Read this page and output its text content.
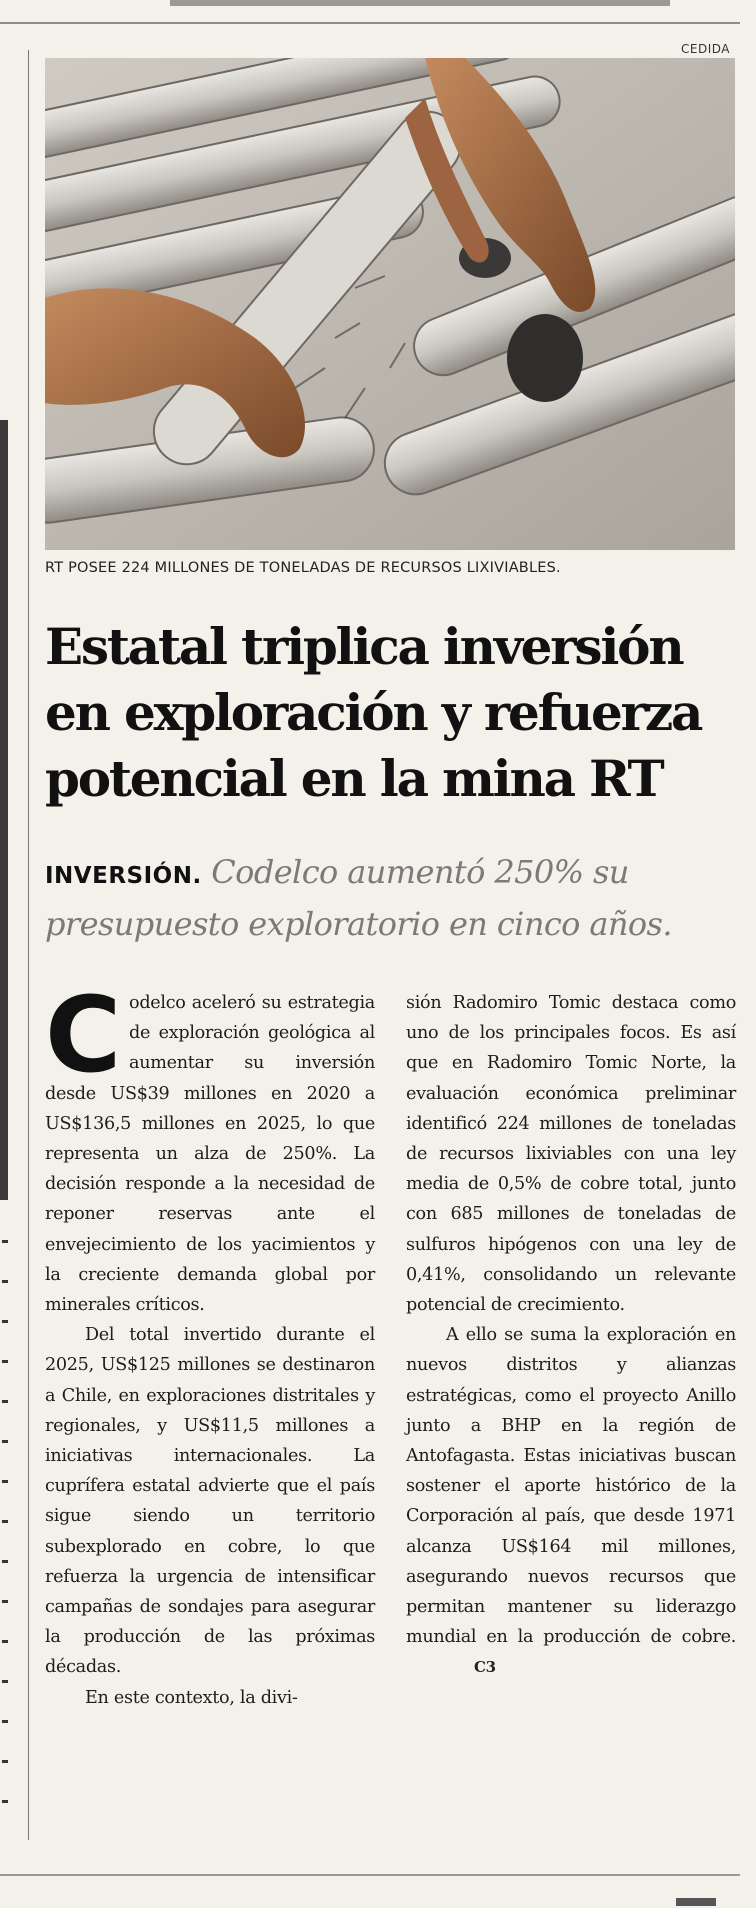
CEDIDA
RT POSEE 224 MILLONES DE TONELADAS DE RECURSOS LIXIVIABLES.
Estatal triplica inversión
en exploración y refuerza
potencial en la mina RT

INVERSIÓN. Codelco aumentó 250% su presupuesto exploratorio en cinco años.

Codelco aceleró su estrategia de exploración geológica al aumentar su inversión desde US$39 millones en 2020 a US$136,5 millones en 2025, lo que representa un alza de 250%. La decisión responde a la necesidad de reponer reservas ante el envejecimiento de los yacimientos y la creciente demanda global por minerales críticos.

Del total invertido durante el 2025, US$125 millones se destinaron a Chile, en exploraciones distritales y regionales, y US$11,5 millones a iniciativas internacionales. La cuprífera estatal advierte que el país sigue siendo un territorio subexplorado en cobre, lo que refuerza la urgencia de intensificar campañas de sondajes para asegurar la producción de las próximas décadas.

En este contexto, la divi-

sión Radomiro Tomic destaca como uno de los principales focos. Es así que en Radomiro Tomic Norte, la evaluación económica preliminar identificó 224 millones de toneladas de recursos lixiviables con una ley media de 0,5% de cobre total, junto con 685 millones de toneladas de sulfuros hipógenos con una ley de 0,41%, consolidando un relevante potencial de crecimiento.

A ello se suma la exploración en nuevos distritos y alianzas estratégicas, como el proyecto Anillo junto a BHP en la región de Antofagasta. Estas iniciativas buscan sostener el aporte histórico de la Corporación al país, que desde 1971 alcanza US$164 mil millones, asegurando nuevos recursos que permitan mantener su liderazgo mundial en la producción de cobre.C3
